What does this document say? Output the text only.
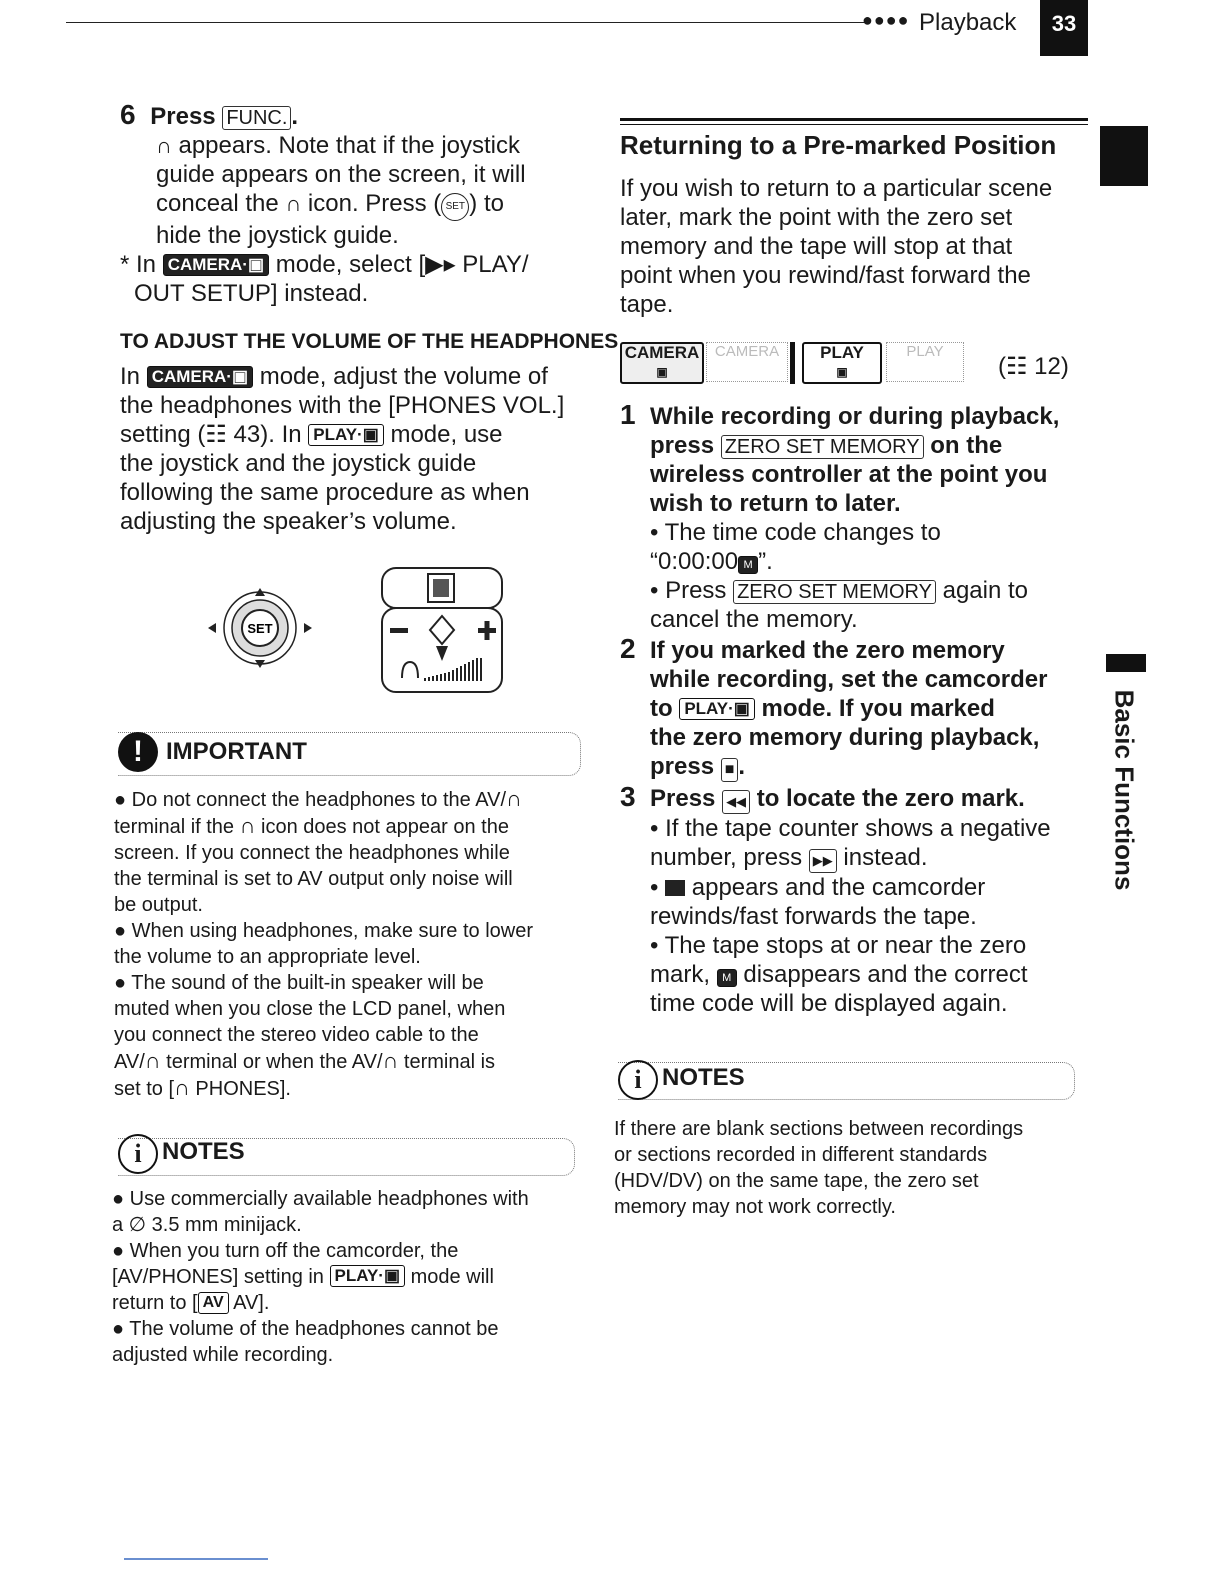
●●●● Playback	33
6 Press FUNC. .
∩ appears. Note that if the joystick
guide appears on the screen, it will
conceal the ∩ icon. Press ( SET ) to
hide the joystick guide.
* In CAMERA·▣ mode, select [▶▸ PLAY/
OUT SETUP] instead.
TO ADJUST THE VOLUME OF THE HEADPHONES
In CAMERA·▣ mode, adjust the volume of
the headphones with the [PHONES VOL.]
setting (☷ 43). In PLAY·▣ mode, use
the joystick and the joystick guide
following the same procedure as when
adjusting the speaker’s volume.
SET
! IMPORTANT
● Do not connect the headphones to the AV/∩
terminal if the ∩ icon does not appear on the
screen. If you connect the headphones while
the terminal is set to AV output only noise will
be output.
● When using headphones, make sure to lower
the volume to an appropriate level.
● The sound of the built-in speaker will be
muted when you close the LCD panel, when
you connect the stereo video cable to the
AV/∩ terminal or when the AV/∩ terminal is
set to [∩ PHONES].
i NOTES
● Use commercially available headphones with
a ∅ 3.5 mm minijack.
● When you turn off the camcorder, the
[AV/PHONES] setting in PLAY·▣ mode will
return to [ AV AV].
● The volume of the headphones cannot be
adjusted while recording.
Returning to a Pre-marked Position
If you wish to return to a particular scene
later, mark the point with the zero set
memory and the tape will stop at that
point when you rewind/fast forward the
tape.
CAMERA
▣
CAMERA	PLAY
▣
PLAY
(☷ 12)
Basic Functions
1 While recording or during playback,
press ZERO SET MEMORY on the
wireless controller at the point you
wish to return to later.
• The time code changes to
“0:00:00 M ”.
• Press ZERO SET MEMORY again to
cancel the memory.
2 If you marked the zero memory
while recording, set the camcorder
to PLAY·▣ mode. If you marked
the zero memory during playback,
press ■ .
3 Press ◀◀ to locate the zero mark.
• If the tape counter shows a negative
number, press ▶▶ instead.
•  appears and the camcorder
rewinds/fast forwards the tape.
• The tape stops at or near the zero
mark, M disappears and the correct
time code will be displayed again.
i NOTES
If there are blank sections between recordings
or sections recorded in different standards
(HDV/DV) on the same tape, the zero set
memory may not work correctly.
